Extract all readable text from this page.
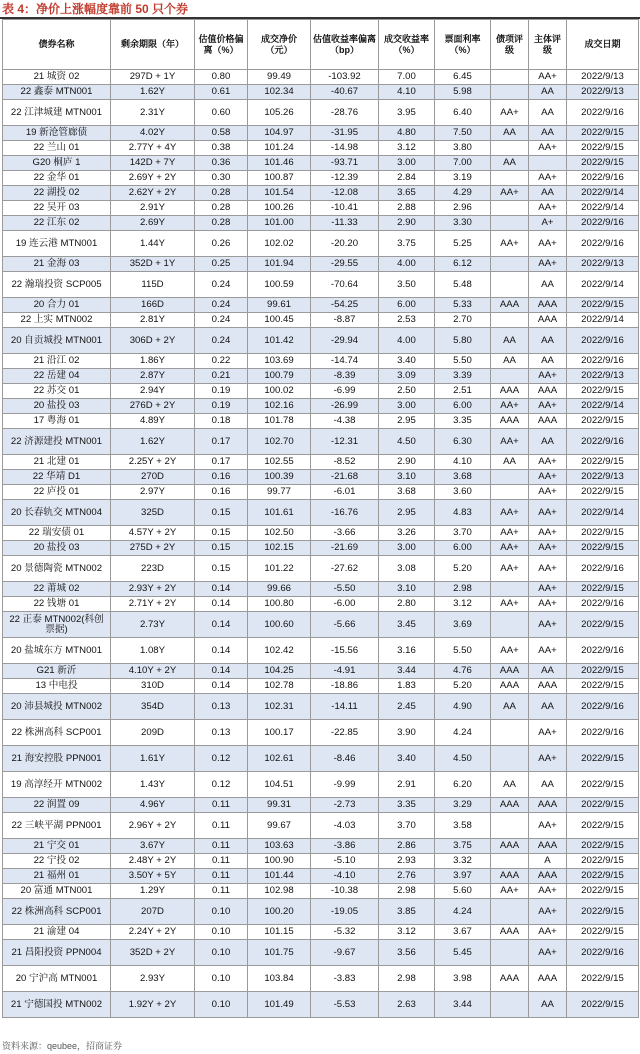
表 4：净价上涨幅度靠前 50 只个券
债券名称	剩余期限（年）	估值价格偏离（%）	成交净价（元）	估值收益率偏离（bp）	成交收益率（%）	票面利率（%）	债项评级	主体评级	成交日期
21 城资 02	297D + 1Y	0.80	99.49	-103.92	7.00	6.45		AA+	2022/9/13
22 鑫泰 MTN001	1.62Y	0.61	102.34	-40.67	4.10	5.98		AA	2022/9/13
22 江津城建 MTN001	2.31Y	0.60	105.26	-28.76	3.95	6.40	AA+	AA	2022/9/16
19 新沧管廊债	4.02Y	0.58	104.97	-31.95	4.80	7.50	AA	AA	2022/9/15
22 兰山 01	2.77Y + 4Y	0.38	101.24	-14.98	3.12	3.80		AA+	2022/9/15
G20 桐庐 1	142D + 7Y	0.36	101.46	-93.71	3.00	7.00	AA		2022/9/15
22 金华 01	2.69Y + 2Y	0.30	100.87	-12.39	2.84	3.19		AA+	2022/9/16
22 湖投 02	2.62Y + 2Y	0.28	101.54	-12.08	3.65	4.29	AA+	AA	2022/9/14
22 吴开 03	2.91Y	0.28	100.26	-10.41	2.88	2.96		AA+	2022/9/14
22 江东 02	2.69Y	0.28	101.00	-11.33	2.90	3.30		A+	2022/9/16
19 连云港 MTN001	1.44Y	0.26	102.02	-20.20	3.75	5.25	AA+	AA+	2022/9/16
21 金海 03	352D + 1Y	0.25	101.94	-29.55	4.00	6.12		AA+	2022/9/13
22 瀚瑞投资 SCP005	115D	0.24	100.59	-70.64	3.50	5.48		AA	2022/9/14
20 合力 01	166D	0.24	99.61	-54.25	6.00	5.33	AAA	AAA	2022/9/15
22 上实 MTN002	2.81Y	0.24	100.45	-8.87	2.53	2.70		AAA	2022/9/14
20 自贡城投 MTN001	306D + 2Y	0.24	101.42	-29.94	4.00	5.80	AA	AA	2022/9/16
21 沿江 02	1.86Y	0.22	103.69	-14.74	3.40	5.50	AA	AA	2022/9/16
22 岳建 04	2.87Y	0.21	100.79	-8.39	3.09	3.39		AA+	2022/9/13
22 苏交 01	2.94Y	0.19	100.02	-6.99	2.50	2.51	AAA	AAA	2022/9/15
20 盐投 03	276D + 2Y	0.19	102.16	-26.99	3.00	6.00	AA+	AA+	2022/9/14
17 粤海 01	4.89Y	0.18	101.78	-4.38	2.95	3.35	AAA	AAA	2022/9/15
22 济源建投 MTN001	1.62Y	0.17	102.70	-12.31	4.50	6.30	AA+	AA	2022/9/16
21 北建 01	2.25Y + 2Y	0.17	102.55	-8.52	2.90	4.10	AA	AA+	2022/9/15
22 华靖 D1	270D	0.16	100.39	-21.68	3.10	3.68		AA+	2022/9/13
22 庐投 01	2.97Y	0.16	99.77	-6.01	3.68	3.60		AA+	2022/9/15
20 长春轨交 MTN004	325D	0.15	101.61	-16.76	2.95	4.83	AA+	AA+	2022/9/14
22 瑞安债 01	4.57Y + 2Y	0.15	102.50	-3.66	3.26	3.70	AA+	AA+	2022/9/15
20 盐投 03	275D + 2Y	0.15	102.15	-21.69	3.00	6.00	AA+	AA+	2022/9/15
20 景德陶瓷 MTN002	223D	0.15	101.22	-27.62	3.08	5.20	AA+	AA+	2022/9/16
22 莆城 02	2.93Y + 2Y	0.14	99.66	-5.50	3.10	2.98		AA+	2022/9/15
22 钱塘 01	2.71Y + 2Y	0.14	100.80	-6.00	2.80	3.12	AA+	AA+	2022/9/16
22 正泰 MTN002(科创票据)	2.73Y	0.14	100.60	-5.66	3.45	3.69		AA+	2022/9/15
20 盐城东方 MTN001	1.08Y	0.14	102.42	-15.56	3.16	5.50	AA+	AA+	2022/9/16
G21 新沂	4.10Y + 2Y	0.14	104.25	-4.91	3.44	4.76	AAA	AA	2022/9/15
13 中电投	310D	0.14	102.78	-18.86	1.83	5.20	AAA	AAA	2022/9/15
20 沛县城投 MTN002	354D	0.13	102.31	-14.11	2.45	4.90	AA	AA	2022/9/16
22 株洲高科 SCP001	209D	0.13	100.17	-22.85	3.90	4.24		AA+	2022/9/16
21 海安控股 PPN001	1.61Y	0.12	102.61	-8.46	3.40	4.50		AA+	2022/9/15
19 高淳经开 MTN002	1.43Y	0.12	104.51	-9.99	2.91	6.20	AA	AA	2022/9/15
22 润置 09	4.96Y	0.11	99.31	-2.73	3.35	3.29	AAA	AAA	2022/9/15
22 三峡平湖 PPN001	2.96Y + 2Y	0.11	99.67	-4.03	3.70	3.58		AA+	2022/9/15
21 宁交 01	3.67Y	0.11	103.63	-3.86	2.86	3.75	AAA	AAA	2022/9/15
22 宁投 02	2.48Y + 2Y	0.11	100.90	-5.10	2.93	3.32		A	2022/9/15
21 福州 01	3.50Y + 5Y	0.11	101.44	-4.10	2.76	3.97	AAA	AAA	2022/9/15
20 富通 MTN001	1.29Y	0.11	102.98	-10.38	2.98	5.60	AA+	AA+	2022/9/15
22 株洲高科 SCP001	207D	0.10	100.20	-19.05	3.85	4.24		AA+	2022/9/15
21 渝建 04	2.24Y + 2Y	0.10	101.15	-5.32	3.12	3.67	AAA	AA+	2022/9/15
21 昌阳投资 PPN004	352D + 2Y	0.10	101.75	-9.67	3.56	5.45		AA+	2022/9/16
20 宁沪高 MTN001	2.93Y	0.10	103.84	-3.83	2.98	3.98	AAA	AAA	2022/9/15
21 宁德国投 MTN002	1.92Y + 2Y	0.10	101.49	-5.53	2.63	3.44		AA	2022/9/15
资料来源：qeubee，招商证券
